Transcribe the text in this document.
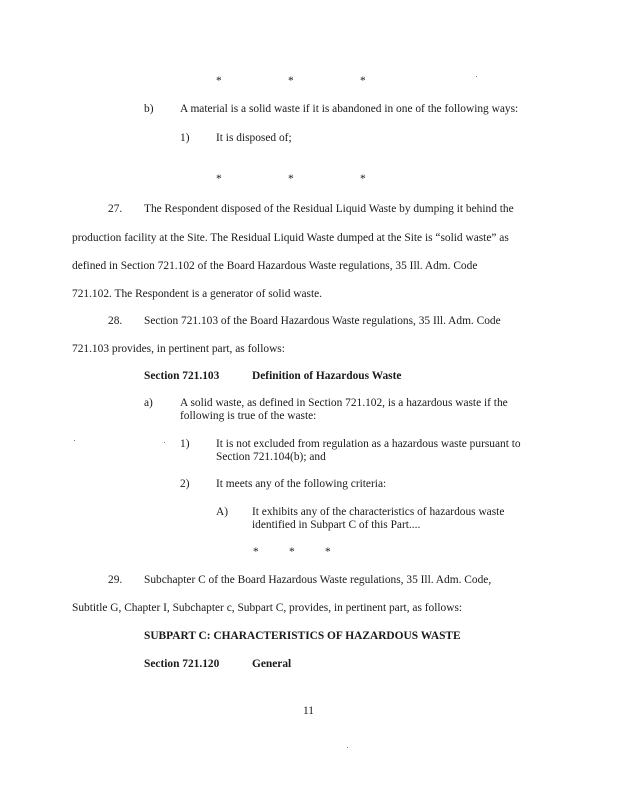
*	*	*
b) A material is a solid waste if it is abandoned in one of the following ways:
1) It is disposed of;
*	*	*
27. The Respondent disposed of the Residual Liquid Waste by dumping it behind the
production facility at the Site. The Residual Liquid Waste dumped at the Site is “solid waste” as
defined in Section 721.102 of the Board Hazardous Waste regulations, 35 Ill. Adm. Code
721.102. The Respondent is a generator of solid waste.
28. Section 721.103 of the Board Hazardous Waste regulations, 35 Ill. Adm. Code
721.103 provides, in pertinent part, as follows:
Section 721.103	Definition of Hazardous Waste
a) A solid waste, as defined in Section 721.102, is a hazardous waste if the
following is true of the waste:
1) It is not excluded from regulation as a hazardous waste pursuant to
Section 721.104(b); and
2) It meets any of the following criteria:
A) It exhibits any of the characteristics of hazardous waste
identified in Subpart C of this Part....
*	*	*
29. Subchapter C of the Board Hazardous Waste regulations, 35 Ill. Adm. Code,
Subtitle G, Chapter I, Subchapter c, Subpart C, provides, in pertinent part, as follows:
SUBPART C: CHARACTERISTICS OF HAZARDOUS WASTE
Section 721.120	General
11
